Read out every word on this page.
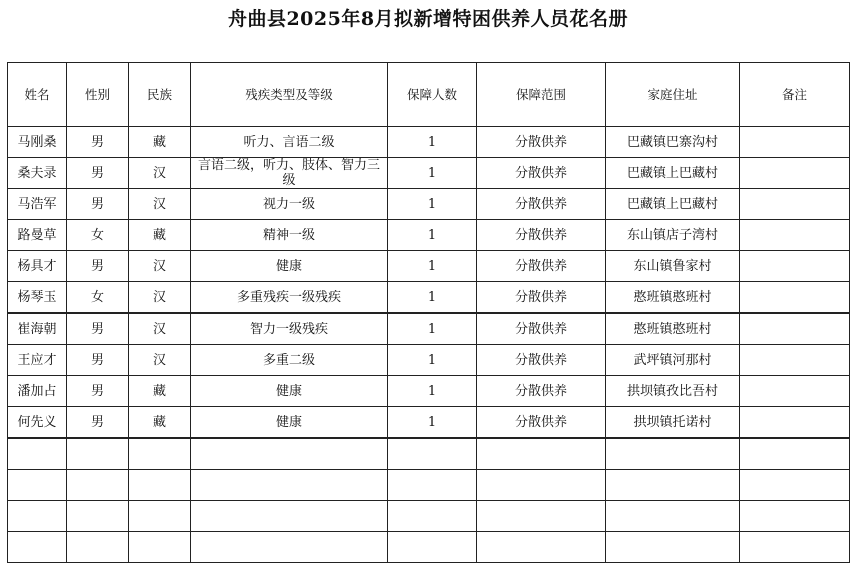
舟曲县2025年8月拟新增特困供养人员花名册
姓名	性别	民族	残疾类型及等级	保障人数	保障范围	家庭住址	备注
马刚桑	男	藏	听力、言语二级	1	分散供养	巴藏镇巴寨沟村	
桑夫录	男	汉	言语二级，听力、肢体、智力三级	1	分散供养	巴藏镇上巴藏村	
马浩军	男	汉	视力一级	1	分散供养	巴藏镇上巴藏村	
路曼草	女	藏	精神一级	1	分散供养	东山镇店子湾村	
杨具才	男	汉	健康	1	分散供养	东山镇鲁家村	
杨琴玉	女	汉	多重残疾一级残疾	1	分散供养	憨班镇憨班村	
崔海朝	男	汉	智力一级残疾	1	分散供养	憨班镇憨班村	
王应才	男	汉	多重二级	1	分散供养	武坪镇河那村	
潘加占	男	藏	健康	1	分散供养	拱坝镇孜比吾村	
何先义	男	藏	健康	1	分散供养	拱坝镇托诺村	
